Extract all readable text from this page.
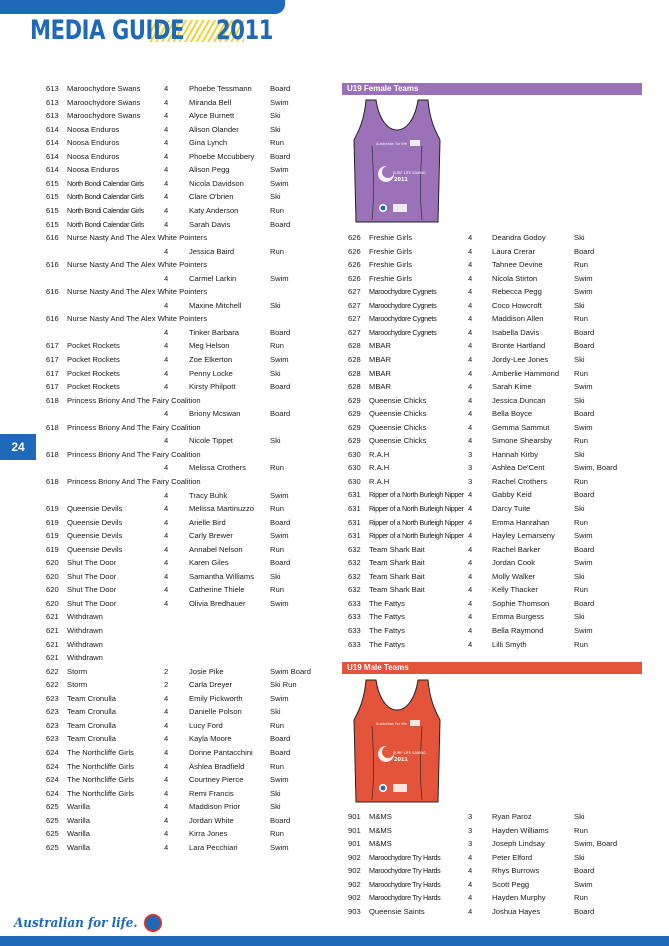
MEDIA GUIDE 2011
24
613 Maroochydore Swans	4	Phoebe Tessmann Board
613 Maroochydore Swans	4	Miranda Bell	Swim
613 Maroochydore Swans	4	Alyce Burnett	Ski
614 Noosa Enduros	4	Alison Olander	Ski
614 Noosa Enduros	4	Gina Lynch	Run
614 Noosa Enduros	4	Phoebe Mccubbery Board
614 Noosa Enduros	4	Alison Pegg	Swim
615 North Bondi Calendar Girls	4	Nicola Davidson	Swim
615 North Bondi Calendar Girls	4	Clare O'brien	Ski
615 North Bondi Calendar Girls	4	Katy Anderson	Run
615 North Bondi Calendar Girls	4	Sarah Davis	Board
616 Nurse Nasty And The Alex White Pointers
4	Jessica Baird	Run
616 Nurse Nasty And The Alex White Pointers
4	Carmel Larkin	Swim
616 Nurse Nasty And The Alex White Pointers
4	Maxine Mitchell	Ski
616 Nurse Nasty And The Alex White Pointers
4	Tinker Barbara	Board
617 Pocket Rockets	4	Meg Helson	Run
617 Pocket Rockets	4	Zoe Elkerton	Swim
617 Pocket Rockets	4	Penny Locke	Ski
617 Pocket Rockets	4	Kirsty Philpott	Board
618 Princess Briony And The Fairy Coalition
4	Briony Mcswan	Board
618 Princess Briony And The Fairy Coalition
4	Nicole Tippet	Ski
618 Princess Briony And The Fairy Coalition
4	Melissa Crothers	Run
618 Princess Briony And The Fairy Coalition
4	Tracy Buhk	Swim
619 Queensie Devils	4	Melissa Martinuzzo Run
619 Queensie Devils	4	Arielle Bird	Board
619 Queensie Devils	4	Carly Brewer	Swim
619 Queensie Devils	4	Annabel Nelson	Run
620 Shut The Door	4	Karen Giles	Board
620 Shut The Door	4	Samantha Williams Ski
620 Shut The Door	4	Catherine Thiele	Run
620 Shut The Door	4	Olivia Bredhauer	Swim
621 Withdrawn
621 Withdrawn
621 Withdrawn
621 Withdrawn
622 Storm	2	Josie Pike	Swim Board
622 Storm	2	Carla Dreyer	Ski Run
623 Team Cronulla	4	Emily Pickworth	Swim
623 Team Cronulla	4	Danielle Polson	Ski
623 Team Cronulla	4	Lucy Ford	Run
623 Team Cronulla	4	Kayla Moore	Board
624 The Northcliffe Girls	4	Dorine Pantacchini Board
624 The Northcliffe Girls	4	Ashlea Bradfield	Run
624 The Northcliffe Girls	4	Courtney Pierce	Swim
624 The Northcliffe Girls	4	Remi Francis	Ski
625 Warilla	4	Maddison Prior	Ski
625 Warilla	4	Jordan White	Board
625 Warilla	4	Kirra Jones	Run
625 Warilla	4	Lara Pecchiari	Swim
U19 Female Teams
Australian for life
SURF LIFE SAVING
2011
626 Freshie Girls	4	Deandra Godoy	Ski
626 Freshie Girls	4	Laura Crerar	Board
626 Freshie Girls	4	Tahnee Devine	Run
626 Freshie Girls	4	Nicola Stirton	Swim
627 Maroochydore Cygnets	4	Rebecca Pegg	Swim
627 Maroochydore Cygnets	4	Coco Howcroft	Ski
627 Maroochydore Cygnets	4	Maddison Allen	Run
627 Maroochydore Cygnets	4	Isabella Davis	Board
628 MBAR	4	Bronte Hartland	Board
628 MBAR	4	Jordy-Lee Jones	Ski
628 MBAR	4	Amberlie Hammond Run
628 MBAR	4	Sarah Kime	Swim
629 Queensie Chicks	4	Jessica Duncan	Ski
629 Queensie Chicks	4	Bella Boyce	Board
629 Queensie Chicks	4	Gemma Sammut	Swim
629 Queensie Chicks	4	Simone Shearsby	Run
630 R.A.H	3	Hannah Kirby	Ski
630 R.A.H	3	Ashlea De'Cent	Swim, Board
630 R.A.H	3	Rachel Crothers	Run
631 Ripper of a North Burleigh Nipper 4	Gabby Keid	Board
631 Ripper of a North Burleigh Nipper 4	Darcy Tuite	Ski
631 Ripper of a North Burleigh Nipper 4	Emma Hanrahan	Run
631 Ripper of a North Burleigh Nipper 4	Hayley Lemarseny	Swim
632 Team Shark Bait	4	Rachel Barker	Board
632 Team Shark Bait	4	Jordan Cook	Swim
632 Team Shark Bait	4	Molly Walker	Ski
632 Team Shark Bait	4	Kelly Thacker	Run
633 The Fattys	4	Sophie Thomson	Board
633 The Fattys	4	Emma Burgess	Ski
633 The Fattys	4	Bella Raymond	Swim
633 The Fattys	4	Lilli Smyth	Run
U19 Male Teams
Australian for life
SURF LIFE SAVING
2011
901 M&MS	3	Ryan Paroz	Ski
901 M&MS	3	Hayden Williams	Run
901 M&MS	3	Joseph Lindsay	Swim, Board
902 Maroochydore Try Hards	4	Peter Elford	Ski
902 Maroochydore Try Hards	4	Rhys Burrows	Board
902 Maroochydore Try Hards	4	Scott Pegg	Swim
902 Maroochydore Try Hards	4	Hayden Murphy	Run
903 Queensie Saints	4	Joshua Hayes	Board
Australian for life.
